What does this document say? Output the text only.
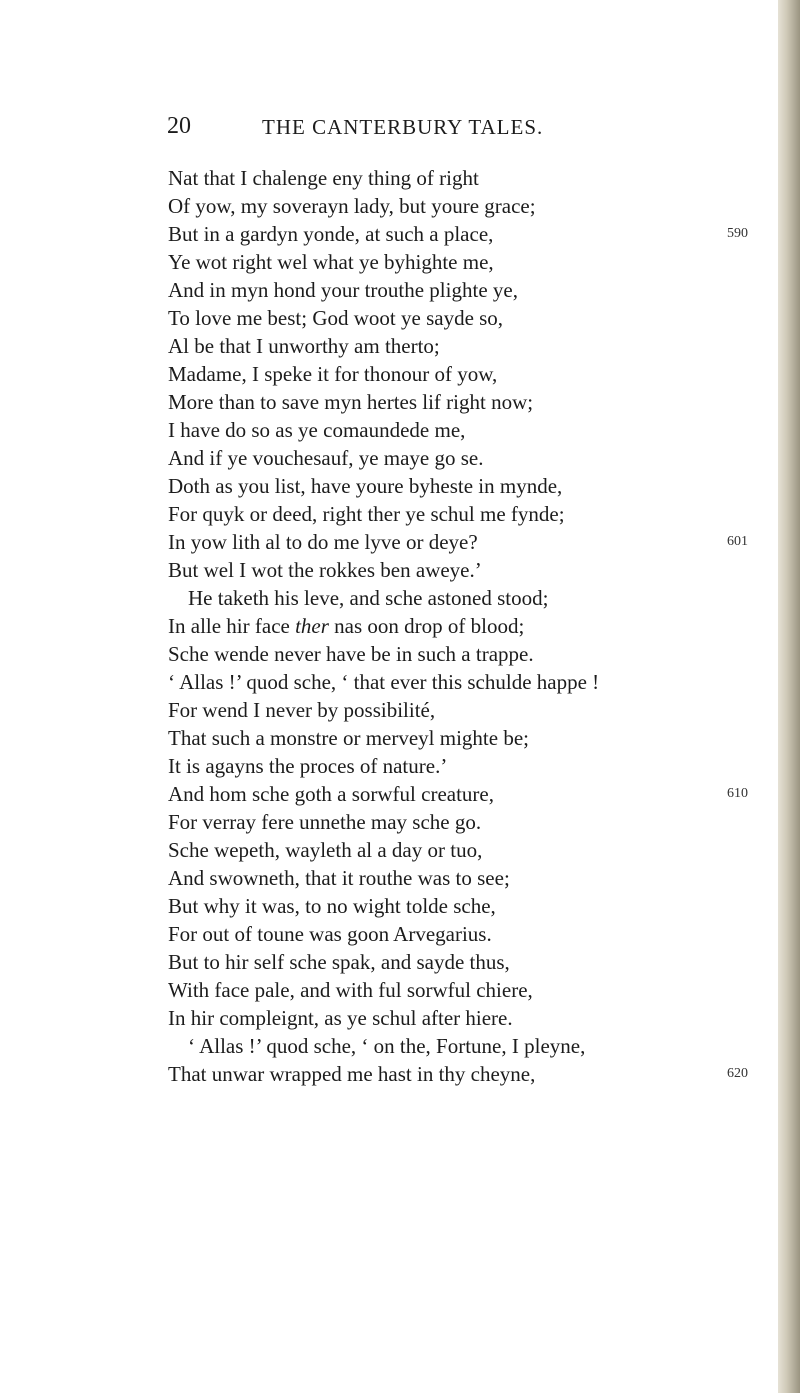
20	THE CANTERBURY TALES.
Nat that I chalenge eny thing of right
Of yow, my soverayn lady, but youre grace;
But in a gardyn yonde, at such a place,	590
Ye wot right wel what ye byhighte me,
And in myn hond your trouthe plighte ye,
To love me best; God woot ye sayde so,
Al be that I unworthy am therto;
Madame, I speke it for thonour of yow,
More than to save myn hertes lif right now;
I have do so as ye comaundede me,
And if ye vouchesauf, ye maye go se.
Doth as you list, have youre byheste in mynde,
For quyk or deed, right ther ye schul me fynde;
In yow lith al to do me lyve or deye?	601
But wel I wot the rokkes ben aweye.’
He taketh his leve, and sche astoned stood;
In alle hir face ther nas oon drop of blood;
Sche wende never have be in such a trappe.
‘ Allas !’ quod sche, ‘ that ever this schulde happe !
For wend I never by possibilité,
That such a monstre or merveyl mighte be;
It is agayns the proces of nature.’
And hom sche goth a sorwful creature,	610
For verray fere unnethe may sche go.
Sche wepeth, wayleth al a day or tuo,
And swowneth, that it routhe was to see;
But why it was, to no wight tolde sche,
For out of toune was goon Arvegarius.
But to hir self sche spak, and sayde thus,
With face pale, and with ful sorwful chiere,
In hir compleignt, as ye schul after hiere.
‘ Allas !’ quod sche, ‘ on the, Fortune, I pleyne,
That unwar wrapped me hast in thy cheyne,	620
